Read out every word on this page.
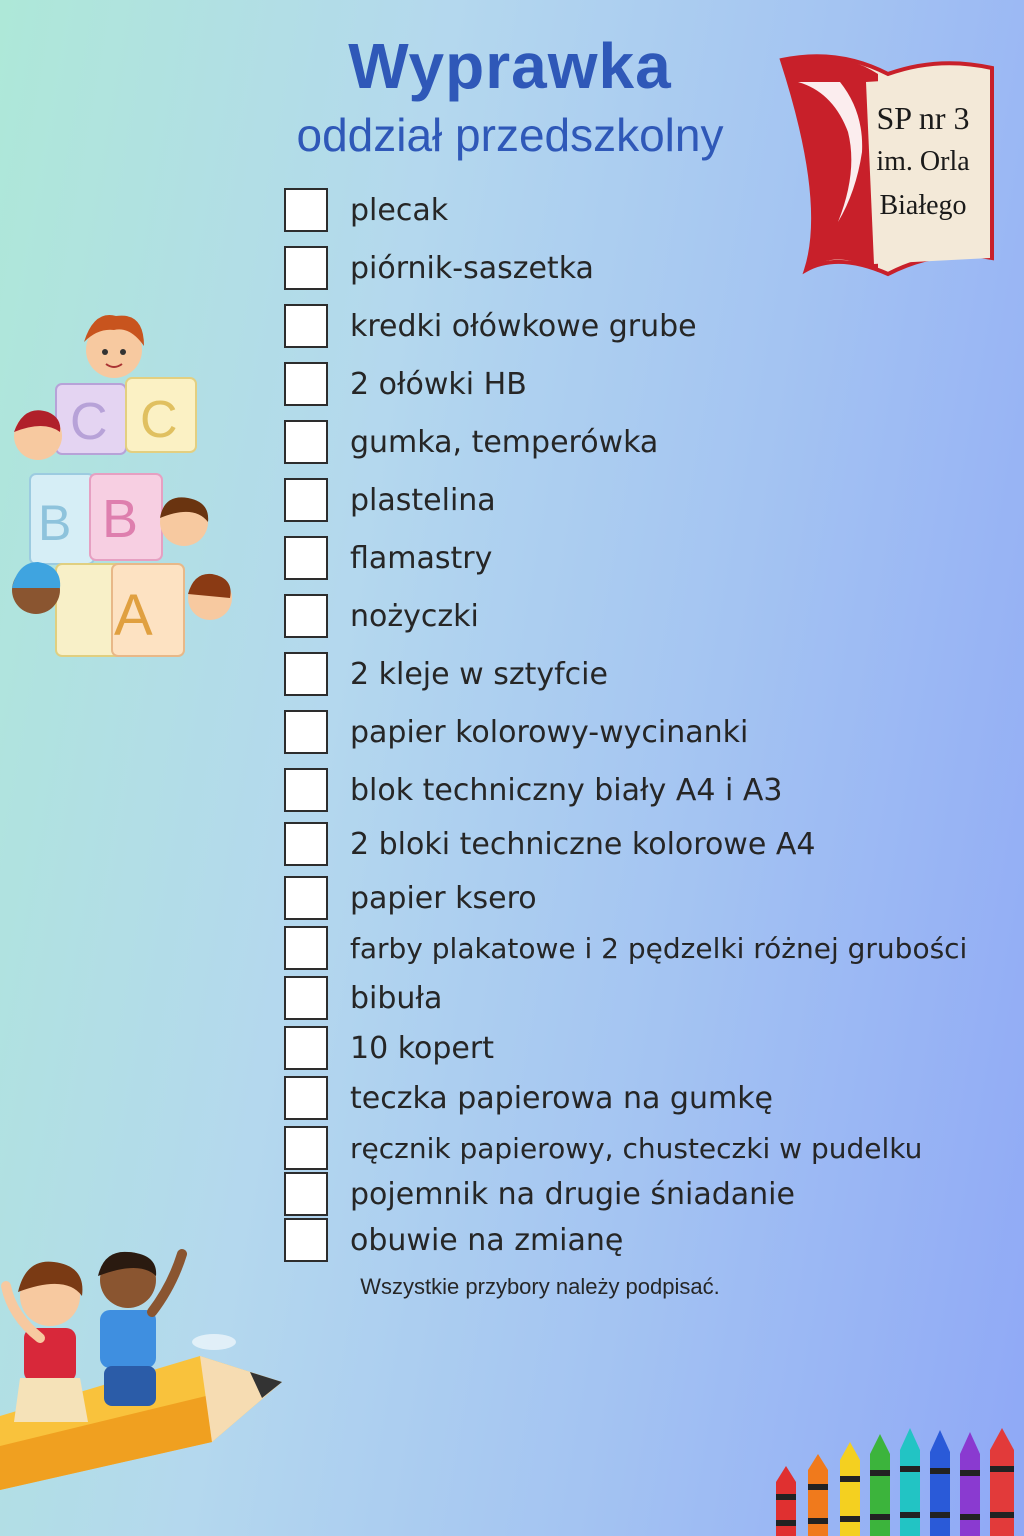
Wyprawka
oddział przedszkolny	SP nr 3
im. Orla
Białego
plecak
piórnik-saszetka
kredki ołówkowe grube
2 ołówki HB
gumka, temperówka
plastelina
flamastry
nożyczki
2 kleje w sztyfcie
papier kolorowy-wycinanki
blok techniczny biały A4 i A3
2 bloki techniczne kolorowe A4
papier ksero
farby plakatowe i 2 pędzelki różnej grubości
bibuła
10 kopert
teczka papierowa na gumkę
ręcznik papierowy, chusteczki w pudelku
pojemnik na drugie śniadanie
obuwie na zmianę
Wszystkie przybory należy podpisać.
C C
B B
A
